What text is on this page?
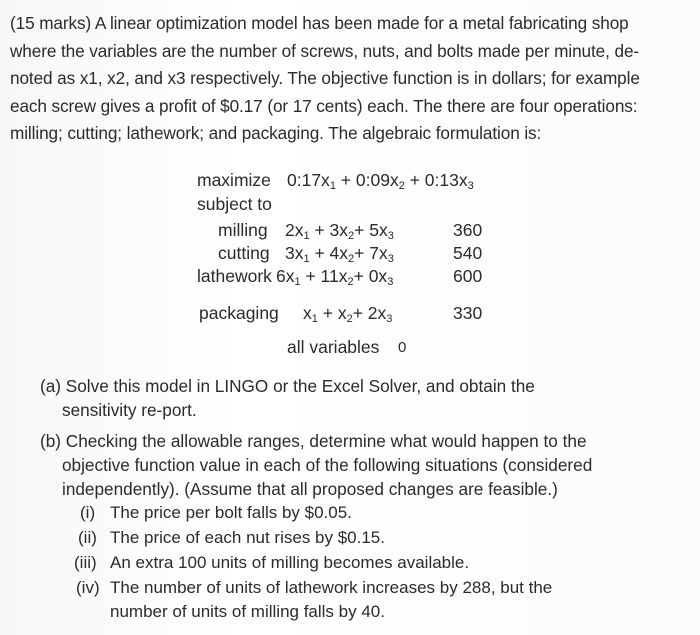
(15 marks) A linear optimization model has been made for a metal fabricating shop
where the variables are the number of screws, nuts, and bolts made per minute, de-
noted as x1, x2, and x3 respectively. The objective function is in dollars; for example
each screw gives a profit of $0.17 (or 17 cents) each. The there are four operations:
milling; cutting; lathework; and packaging. The algebraic formulation is:
maximize $0:17x_1$ + $0:09x_2$ + $0:13x_3$
subject to
milling $2x_1 + 3x_2+ 5x_3$	360
cutting $3x_1 + 4x_2+ 7x_3$	540
lathework $6x_1 + 11x_2+ 0x_3$	600
packaging $x_1 + x_2+ 2x_3$	330
all variables 0
(a) Solve this model in LINGO or the Excel Solver, and obtain the
sensitivity re-port.
(b) Checking the allowable ranges, determine what would happen to the
objective function value in each of the following situations (considered
independently). (Assume that all proposed changes are feasible.)
(i) The price per bolt falls by $0.05.
(ii) The price of each nut rises by $0.15.
(iii) An extra 100 units of milling becomes available.
(iv) The number of units of lathework increases by 288, but the
number of units of milling falls by 40.
